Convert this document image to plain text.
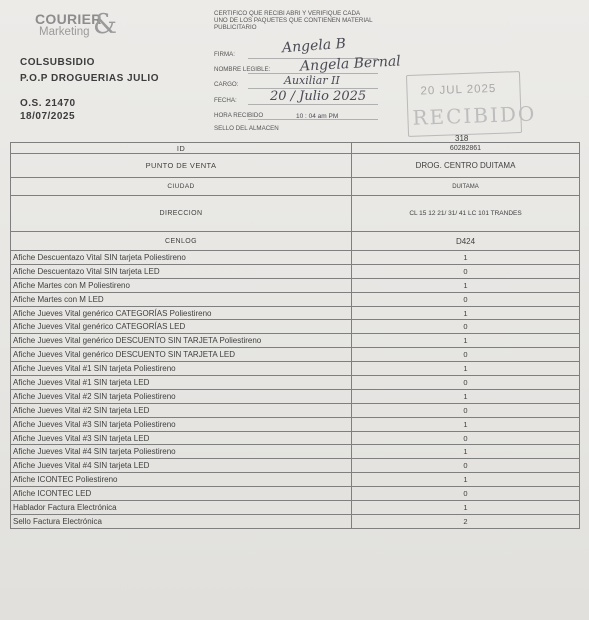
COURIER
Marketing &
COLSUBSIDIO
P.O.P DROGUERIAS JULIO
O.S. 21470
18/07/2025
CERTIFICO QUE RECIBI ABRI Y VERIFIQUE CADA UNO DE LOS PAQUETES QUE CONTIENEN MATERIAL PUBLICITARIO
FIRMA:
NOMBRE LEGIBLE:
CARGO:
FECHA:
HORA RECIBIDO
SELLO DEL ALMACEN
Angela B
Angela Bernal
Auxiliar II
20 / Julio 2025
10 : 04 am PM
20 JUL 2025
RECIBIDO
318
ID	60282861
PUNTO DE VENTA	DROG. CENTRO DUITAMA
CIUDAD	DUITAMA
DIRECCION	CL 15 12 21/ 31/ 41 LC 101 TRANDES
CENLOG	D424
Afiche Descuentazo Vital SIN tarjeta Poliestireno	1
Afiche Descuentazo Vital SIN tarjeta LED	0
Afiche Martes con M Poliestireno	1
Afiche Martes con M LED	0
Afiche Jueves Vital genérico CATEGORÍAS Poliestireno	1
Afiche Jueves Vital genérico CATEGORÍAS LED	0
Afiche Jueves Vital genérico DESCUENTO SIN TARJETA Poliestireno	1
Afiche Jueves Vital genérico DESCUENTO SIN TARJETA LED	0
Afiche Jueves Vital #1 SIN tarjeta Poliestireno	1
Afiche Jueves Vital #1 SIN tarjeta LED	0
Afiche Jueves Vital #2 SIN tarjeta Poliestireno	1
Afiche Jueves Vital #2 SIN tarjeta LED	0
Afiche Jueves Vital #3 SIN tarjeta Poliestireno	1
Afiche Jueves Vital #3 SIN tarjeta LED	0
Afiche Jueves Vital #4 SIN tarjeta Poliestireno	1
Afiche Jueves Vital #4 SIN tarjeta LED	0
Afiche ICONTEC Poliestireno	1
Afiche ICONTEC LED	0
Hablador Factura Electrónica	1
Sello Factura Electrónica	2
